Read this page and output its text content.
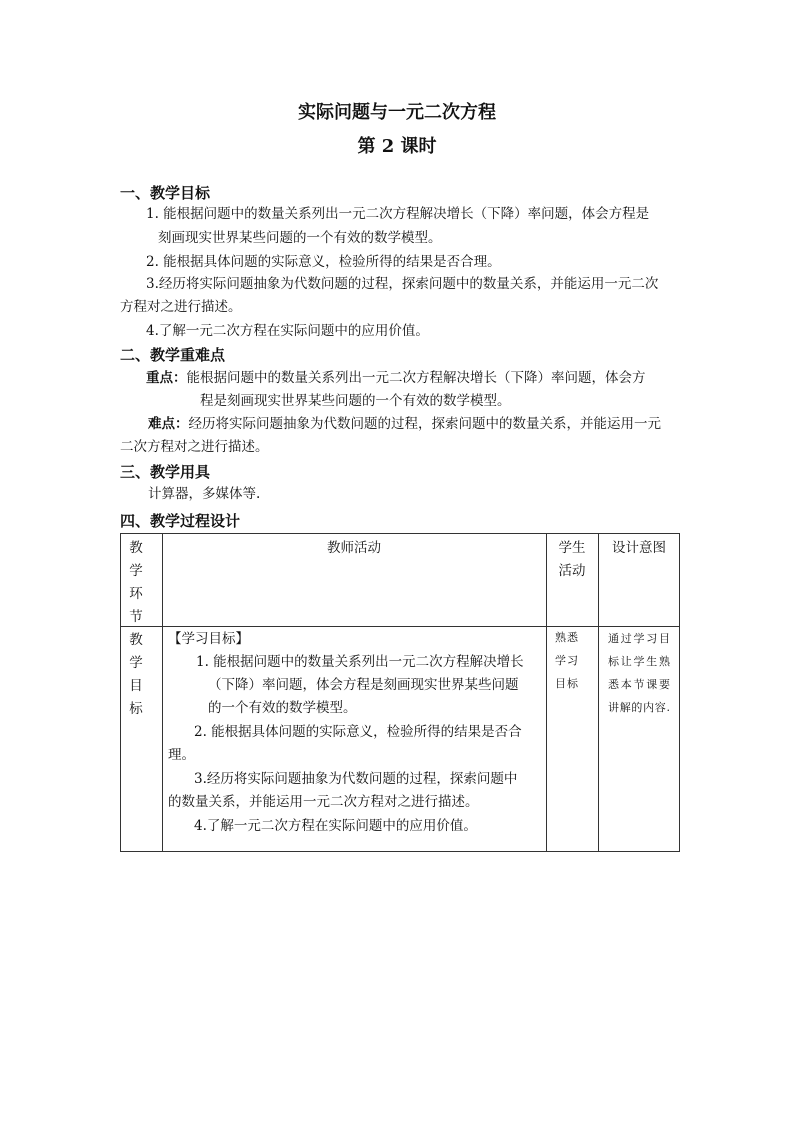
实际问题与一元二次方程
第 2 课时
一、教学目标
1. 能根据问题中的数量关系列出一元二次方程解决增长（下降）率问题，体会方程是
刻画现实世界某些问题的一个有效的数学模型。
2. 能根据具体问题的实际意义，检验所得的结果是否合理。
3.经历将实际问题抽象为代数问题的过程，探索问题中的数量关系，并能运用一元二次
方程对之进行描述。
4.了解一元二次方程在实际问题中的应用价值。
二、教学重难点
重点：能根据问题中的数量关系列出一元二次方程解决增长（下降）率问题，体会方
程是刻画现实世界某些问题的一个有效的数学模型。
难点：经历将实际问题抽象为代数问题的过程，探索问题中的数量关系，并能运用一元
二次方程对之进行描述。
三、教学用具
计算器，多媒体等.
四、教学过程设计
教学环节
教师活动	学生活动
设计意图
教学目标
【学习目标】
1. 能根据问题中的数量关系列出一元二次方程解决增长
（下降）率问题，体会方程是刻画现实世界某些问题
的一个有效的数学模型。
2. 能根据具体问题的实际意义，检验所得的结果是否合
理。
3.经历将实际问题抽象为代数问题的过程，探索问题中
的数量关系，并能运用一元二次方程对之进行描述。
4.了解一元二次方程在实际问题中的应用价值。
熟悉
学习
目标
通过学习目标让学生熟悉本节课要讲解的内容.
